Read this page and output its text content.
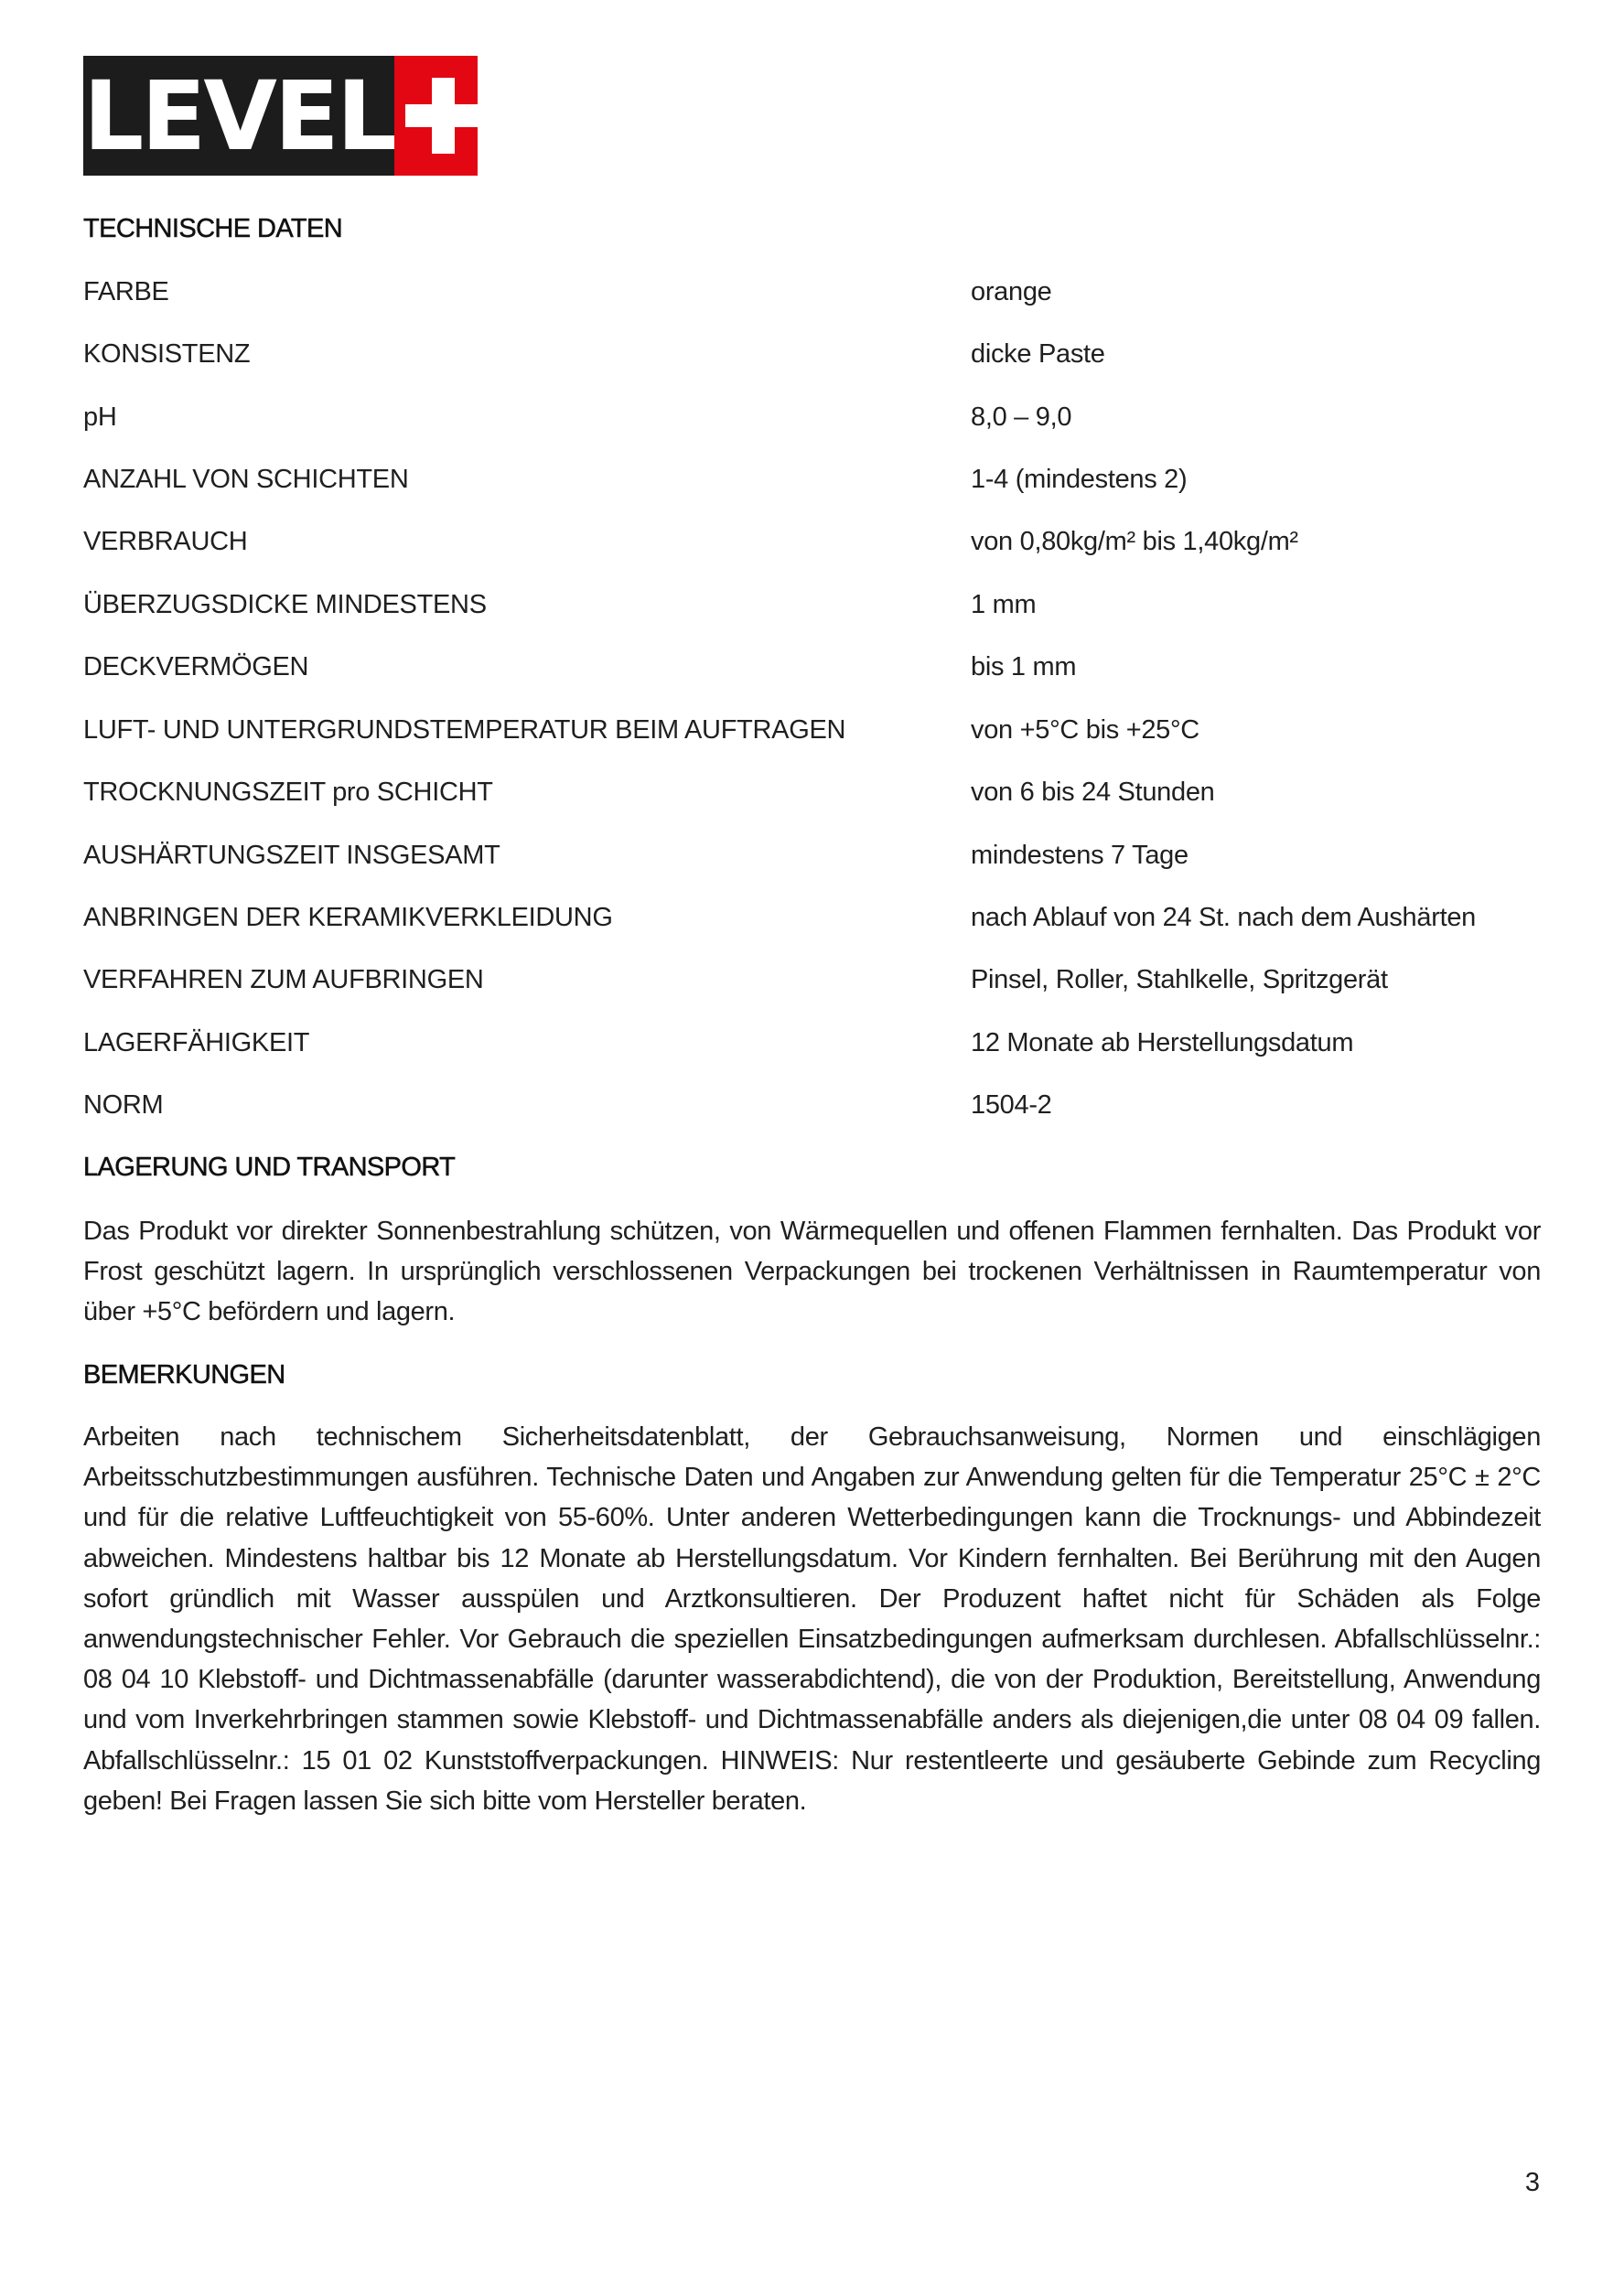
LEVEL
TECHNISCHE DATEN
FARBE	orange
KONSISTENZ	dicke Paste
pH	8,0 – 9,0
ANZAHL VON SCHICHTEN	1-4 (mindestens 2)
VERBRAUCH	von 0,80kg/m² bis 1,40kg/m²
ÜBERZUGSDICKE MINDESTENS	1 mm
DECKVERMÖGEN	bis 1 mm
LUFT- UND UNTERGRUNDSTEMPERATUR BEIM AUFTRAGEN	von +5°C bis +25°C
TROCKNUNGSZEIT pro SCHICHT	von 6 bis 24 Stunden
AUSHÄRTUNGSZEIT INSGESAMT	mindestens 7 Tage
ANBRINGEN DER KERAMIKVERKLEIDUNG	nach Ablauf von 24 St. nach dem Aushärten
VERFAHREN ZUM AUFBRINGEN	Pinsel, Roller, Stahlkelle, Spritzgerät
LAGERFÄHIGKEIT	12 Monate ab Herstellungsdatum
NORM	1504-2
LAGERUNG UND TRANSPORT

Das Produkt vor direkter Sonnenbestrahlung schützen, von Wärmequellen und offenen Flammen fernhalten. Das Produkt vor Frost geschützt lagern. In ursprünglich verschlossenen Verpackungen bei trockenen Verhältnissen in Raumtemperatur von über +5°C befördern und lagern.

BEMERKUNGEN

Arbeiten nach technischem Sicherheitsdatenblatt, der Gebrauchsanweisung, Normen und einschlägigen Arbeitsschutzbestimmungen ausführen. Technische Daten und Angaben zur Anwendung gelten für die Temperatur 25°C ± 2°C und für die relative Luftfeuchtigkeit von 55-60%. Unter anderen Wetterbedingungen kann die Trocknungs- und Abbindezeit abweichen. Mindestens haltbar bis 12 Monate ab Herstellungsdatum. Vor Kindern fernhalten. Bei Berührung mit den Augen sofort gründlich mit Wasser ausspülen und Arztkonsultieren. Der Produzent haftet nicht für Schäden als Folge anwendungstechnischer Fehler. Vor Gebrauch die speziellen Einsatzbedingungen aufmerksam durchlesen. Abfallschlüsselnr.: 08 04 10 Klebstoff- und Dichtmassenabfälle (darunter wasserabdichtend), die von der Produktion, Bereitstellung, Anwendung und vom Inverkehrbringen stammen sowie Klebstoff- und Dichtmassenabfälle anders als diejenigen,die unter 08 04 09 fallen. Abfallschlüsselnr.: 15 01 02 Kunststoffverpackungen. HINWEIS: Nur restentleerte und gesäuberte Gebinde zum Recycling geben! Bei Fragen lassen Sie sich bitte vom Hersteller beraten.

3
